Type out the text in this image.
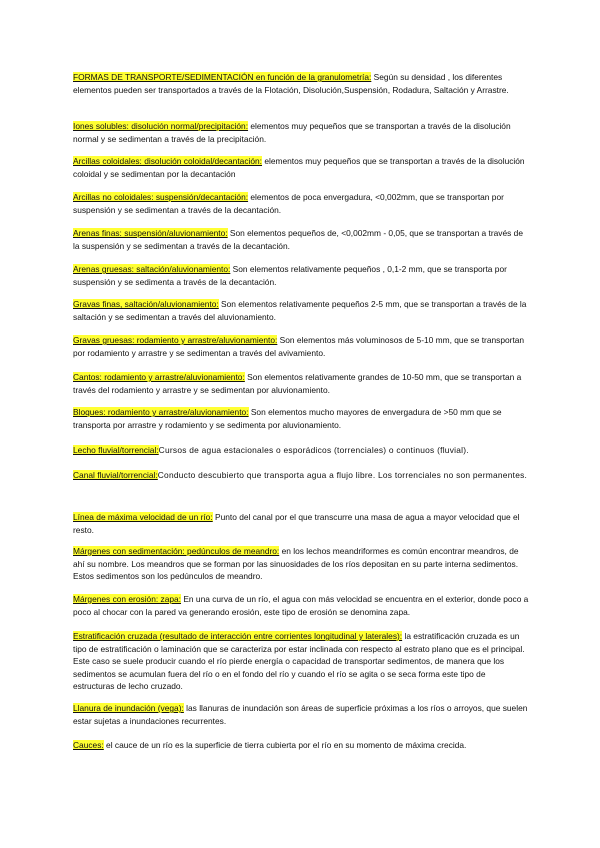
FORMAS DE TRANSPORTE/SEDIMENTACIÓN en función de la granulometría: Según su densidad , los diferentes elementos pueden ser transportados a través de la Flotación, Disolución,Suspensión, Rodadura, Saltación y Arrastre.

Iones solubles: disolución normal/precipitación: elementos muy pequeños que se transportan a través de la disolución normal y se sedimentan a través de la precipitación.

Arcillas coloidales: disolución coloidal/decantación: elementos muy pequeños que se transportan a través de la disolución coloidal y se sedimentan por la decantación

Arcillas no coloidales: suspensión/decantación: elementos de poca envergadura, <0,002mm, que se transportan por suspensión y se sedimentan a través de la decantación.

Arenas finas: suspensión/aluvionamiento: Son elementos pequeños de, <0,002mm - 0,05, que se transportan a través de la suspensión y se sedimentan a través de la decantación.

Arenas gruesas: saltación/aluvionamiento: Son elementos relativamente pequeños , 0,1-2 mm, que se transporta por suspensión y se sedimenta a través de la decantación.

Gravas finas, saltación/aluvionamiento: Son elementos relativamente pequeños 2-5 mm, que se transportan a través de la saltación y se sedimentan a través del aluvionamiento.

Gravas gruesas: rodamiento y arrastre/aluvionamiento: Son elementos más voluminosos de 5-10 mm, que se transportan por rodamiento y arrastre y se sedimentan a través del avivamiento.

Cantos: rodamiento y arrastre/aluvionamiento: Son elementos relativamente grandes de 10-50 mm, que se transportan a través del rodamiento y arrastre y se sedimentan por aluvionamiento.

Bloques: rodamiento y arrastre/aluvionamiento: Son elementos mucho mayores de envergadura de >50 mm que se transporta por arrastre y rodamiento y se sedimenta por aluvionamiento.

Lecho fluvial/torrencial:Cursos de agua estacionales o esporádicos (torrenciales) o continuos (fluvial).

Canal fluvial/torrencial:Conducto descubierto que transporta agua a flujo libre. Los torrenciales no son permanentes.

Línea de máxima velocidad de un río: Punto del canal por el que transcurre una masa de agua a mayor velocidad que el resto.

Márgenes con sedimentación: pedúnculos de meandro: en los lechos meandriformes es común encontrar meandros, de ahí su nombre. Los meandros que se forman por las sinuosidades de los ríos depositan en su parte interna sedimentos. Estos sedimentos son los pedúnculos de meandro.

Márgenes con erosión: zapa: En una curva de un río, el agua con más velocidad se encuentra en el exterior, donde poco a poco al chocar con la pared va generando erosión, este tipo de erosión se denomina zapa.

Estratificación cruzada (resultado de interacción entre corrientes longitudinal y laterales): la estratificación cruzada es un tipo de estratificación o laminación que se caracteriza por estar inclinada con respecto al estrato plano que es el principal. Este caso se suele producir cuando el río pierde energía o capacidad de transportar sedimentos, de manera que los sedimentos se acumulan fuera del río o en el fondo del río y cuando el río se agita o se seca forma este tipo de estructuras de lecho cruzado.

Llanura de inundación (vega): las llanuras de inundación son áreas de superficie próximas a los ríos o arroyos, que suelen estar sujetas a inundaciones recurrentes.

Cauces: el cauce de un río es la superficie de tierra cubierta por el río en su momento de máxima crecida.
